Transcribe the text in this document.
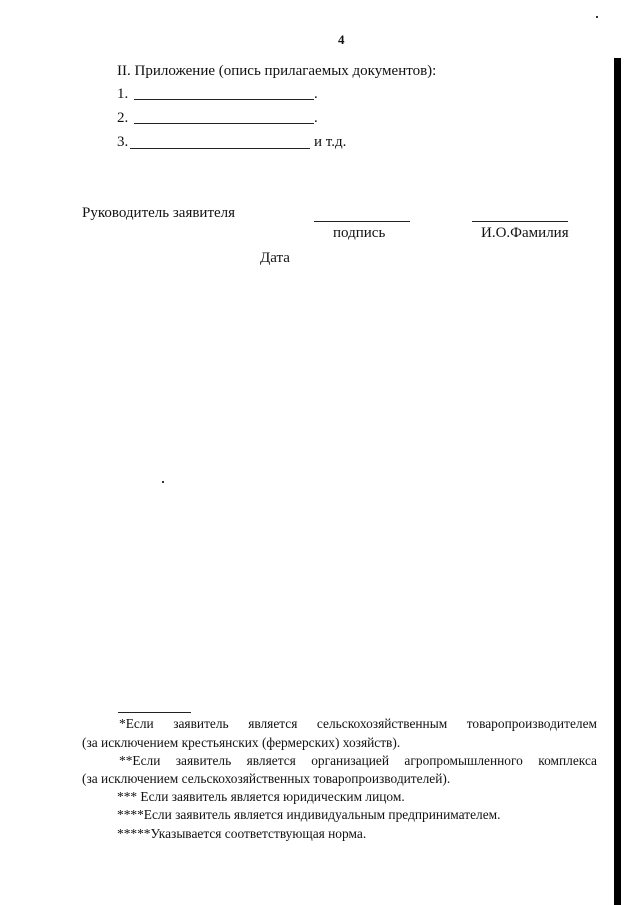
4
II. Приложение (опись прилагаемых документов):
1.	.
2.	.
3.	и т.д.
Руководитель заявителя
подпись	И.О.Фамилия
Дата
*Если заявитель является сельскохозяйственным товаропроизводителем
(за исключением крестьянских (фермерских) хозяйств).
**Если заявитель является организацией агропромышленного комплекса
(за исключением сельскохозяйственных товаропроизводителей).
*** Если заявитель является юридическим лицом.
****Если заявитель является индивидуальным предпринимателем.
*****Указывается соответствующая норма.
